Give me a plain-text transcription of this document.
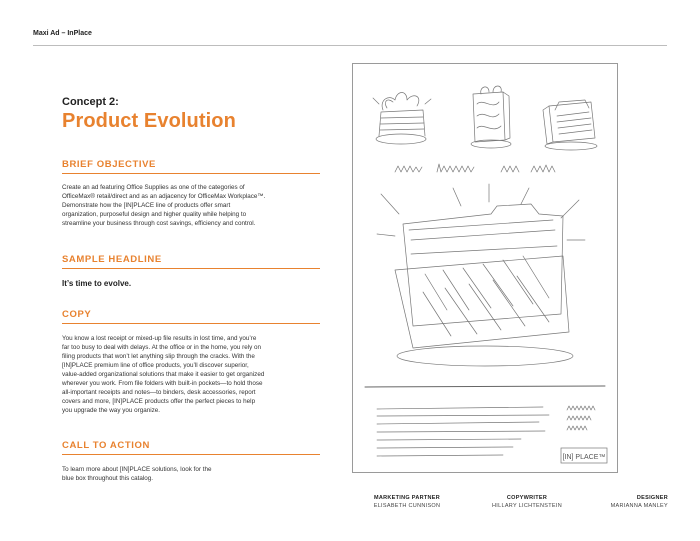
Maxi Ad – InPlace

Concept 2:

Product Evolution
BRIEF OBJECTIVE

Create an ad featuring Office Supplies as one of the categories of
OfficeMax® retail/direct and as an adjacency for OfficeMax Workplace™.
Demonstrate how the [IN]PLACE line of products offer smart
organization, purposeful design and higher quality while helping to
streamline your business through cost savings, efficiency and control.

SAMPLE HEADLINE
It’s time to evolve.
COPY

You know a lost receipt or mixed-up file results in lost time, and you’re
far too busy to deal with delays. At the office or in the home, you rely on
filing products that won’t let anything slip through the cracks. With the
[IN]PLACE premium line of office products, you’ll discover superior,
value-added organizational solutions that make it easier to get organized
wherever you work. From file folders with built-in pockets—to hold those
all-important receipts and notes—to binders, desk accessories, report
covers and more, [IN]PLACE products offer the perfect pieces to help
you upgrade the way you organize.

CALL TO ACTION

To learn more about [IN]PLACE solutions, look for the
blue box throughout this catalog.

[IN] PLACE™
MARKETING PARTNER
ELISABETH CUNNISON
COPYWRITER
HILLARY LICHTENSTEIN
DESIGNER
MARIANNA MANLEY
